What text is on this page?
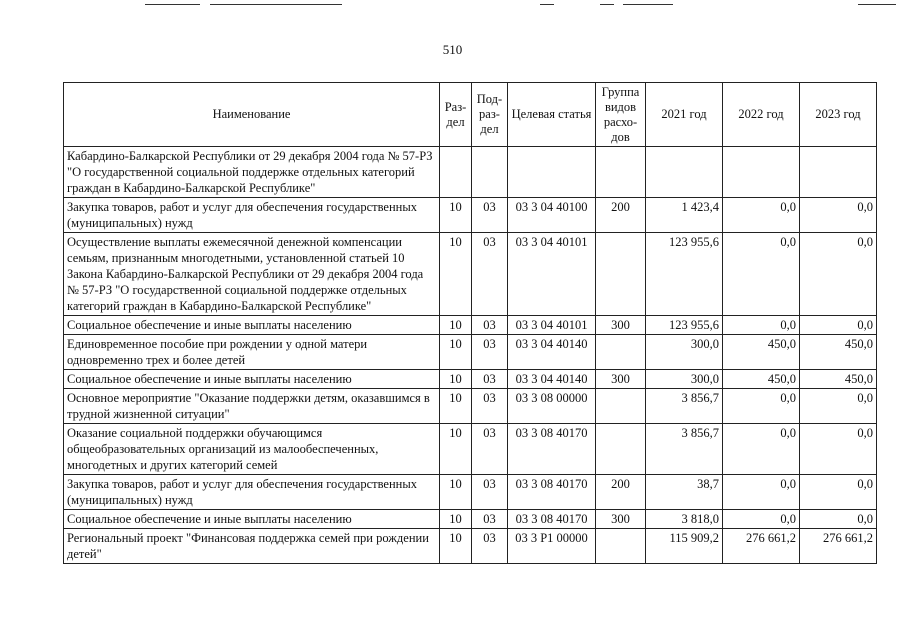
510
Наименование	Раз-дел	Под-раз-дел	Целевая статья	Группа видов расхо-дов	2021 год	2022 год	2023 год
Кабардино-Балкарской Республики от 29 декабря 2004 года № 57-РЗ "О государственной социальной поддержке отдельных категорий граждан в Кабардино-Балкарской Республике"							
Закупка товаров, работ и услуг для обеспечения государственных (муниципальных) нужд	10	03	03 3 04 40100	200	1 423,4	0,0	0,0
Осуществление выплаты ежемесячной денежной компенсации семьям, признанным многодетными, установленной статьей 10 Закона Кабардино-Балкарской Республики от 29 декабря 2004 года № 57-РЗ "О государственной социальной поддержке отдельных категорий граждан в Кабардино-Балкарской Республике"	10	03	03 3 04 40101		123 955,6	0,0	0,0
Социальное обеспечение и иные выплаты населению	10	03	03 3 04 40101	300	123 955,6	0,0	0,0
Единовременное пособие при рождении у одной матери одновременно трех и более детей	10	03	03 3 04 40140		300,0	450,0	450,0
Социальное обеспечение и иные выплаты населению	10	03	03 3 04 40140	300	300,0	450,0	450,0
Основное мероприятие "Оказание поддержки детям, оказавшимся в трудной жизненной ситуации"	10	03	03 3 08 00000		3 856,7	0,0	0,0
Оказание социальной поддержки обучающимся общеобразовательных организаций из малообеспеченных, многодетных и других категорий семей	10	03	03 3 08 40170		3 856,7	0,0	0,0
Закупка товаров, работ и услуг для обеспечения государственных (муниципальных) нужд	10	03	03 3 08 40170	200	38,7	0,0	0,0
Социальное обеспечение и иные выплаты населению	10	03	03 3 08 40170	300	3 818,0	0,0	0,0
Региональный проект "Финансовая поддержка семей при рождении детей"	10	03	03 3 P1 00000		115 909,2	276 661,2	276 661,2
